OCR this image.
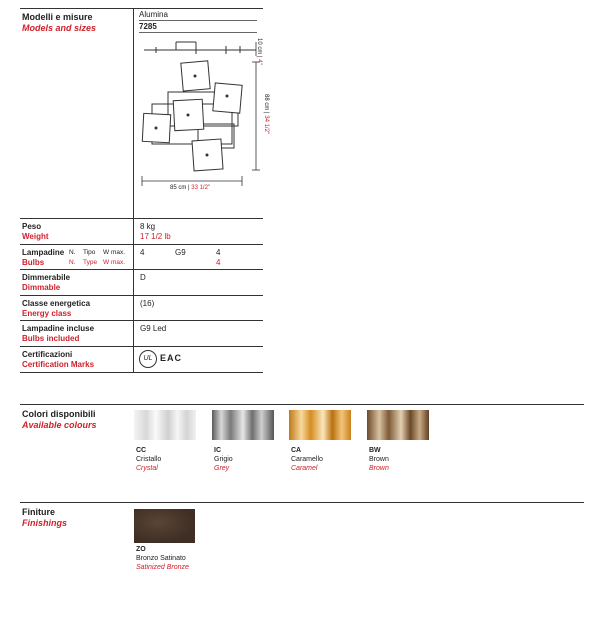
Modelli e misure
Models and sizes
Alumina
7285
85 cm | 33 1/2"
10 cm | 4"
88 cm | 34 1/2"
Peso
Weight
8 kg
17 1/2 lb
Lampadine
Bulbs
N. Tipo W max.
N. Type W max.
4	G9	4
4
Dimmerabile
Dimmable
D
Classe energetica
Energy class
(16)
Lampadine incluse
Bulbs included
G9 Led
Certificazioni
Certification Marks
UL EAC
Colori disponibili
Available colours
CC
Cristallo
Crystal
IC
Grigio
Grey
CA
Caramello
Caramel
BW
Brown
Brown
Finiture
Finishings
ZO
Bronzo Satinato
Satinized Bronze
